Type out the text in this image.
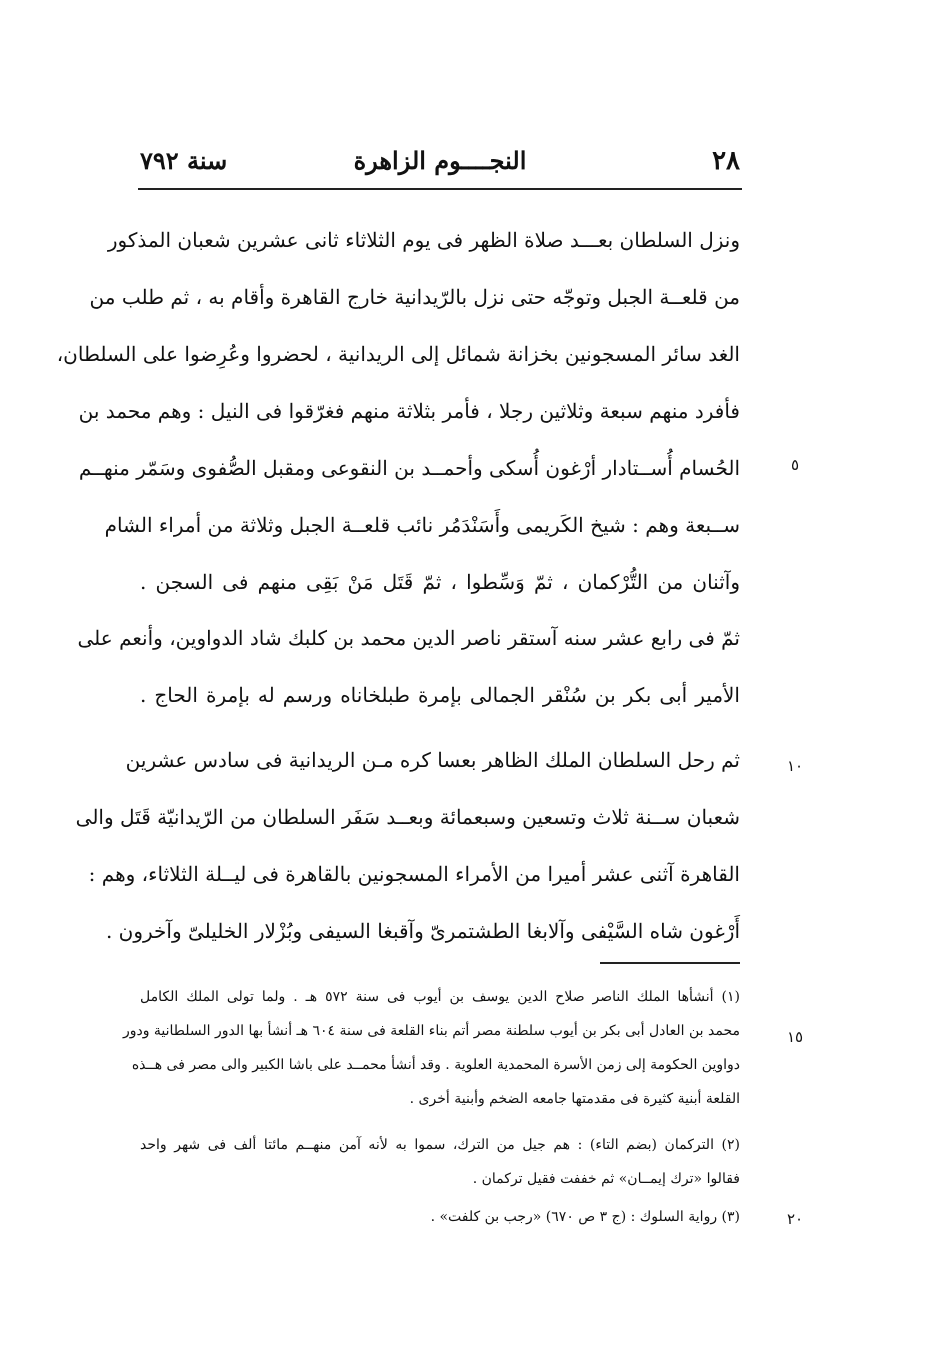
٢٨
النجــــوم الزاهرة
سنة ٧٩٢

ونزل السلطان بعـــد صلاة الظهر فى يوم الثلاثاء ثانى عشرين شعبان المذكور
من قلعــة الجبل وتوجّه حتى نزل بالرّيدانية خارج القاهرة وأقام به ، ثم طلب من
الغد سائر المسجونين بخزانة شمائل إلى الريدانية ، لحضروا وعُرِضوا على السلطان،
فأفرد منهم سبعة وثلاثين رجلا ، فأمر بثلاثة منهم فغرّقوا فى النيل : وهم محمد بن
الحُسام أُســتادار أرْغون أُسكى وأحمــد بن النقوعى ومقبل الصُّفوى وسَمّر منهــم
ســبعة وهم : شيخ الكَريمى وأَسَنْدَمُر نائب قلعــة الجبل وثلاثة من أمراء الشام
وآثنان من التُّرْكمان ، ثمّ وَسِّطوا ، ثمّ قَتَل مَنْ بَقِى منهم فى السجن .

ثمّ فى رابع عشر سنه آستقر ناصر الدين محمد بن كلبك شاد الدواوين، وأنعم على
الأمير أبى بكر بن سُنْقر الجمالى بإمرة طبلخاناه ورسم له بإمرة الحاج .

ثم رحل السلطان الملك الظاهر بعسا كره مـن الريدانية فى سادس عشرين
شعبان ســنة ثلاث وتسعين وسبعمائة وبعــد سَفَر السلطان من الرّيدانيّة قَتَل والى
القاهرة آثنى عشر أميرا من الأمراء المسجونين بالقاهرة فى ليــلة الثلاثاء، وهم :
أَرْغون شاه السَّيْفى وآلابغا الطشتمرىّ وآقبغا السيفى وبُزْلار الخليلىّ وآخرون .

٥
١٠
١٥
٢٠
(١) أنشأها الملك الناصر صلاح الدين يوسف بن أيوب فى سنة ٥٧٢ هـ . ولما تولى الملك الكامل
محمد بن العادل أبى بكر بن أيوب سلطنة مصر أتم بناء القلعة فى سنة ٦٠٤ هـ أنشأ بها الدور السلطانية ودور
دواوين الحكومة إلى زمن الأسرة المحمدية العلوية . وقد أنشأ محمــد على باشا الكبير والى مصر فى هــذه
القلعة أبنية كثيرة فى مقدمتها جامعه الضخم وأبنية أخرى .
(٢) التركمان (بضم التاء) : هم جيل من الترك، سموا به لأنه آمن منهــم مائتا ألف فى شهر واحد
فقالوا «ترك إيمــان» ثم خففت فقيل تركمان .
(٣) رواية السلوك : (ج ٣ ص ٦٧٠) «رجب بن كلفت» .
